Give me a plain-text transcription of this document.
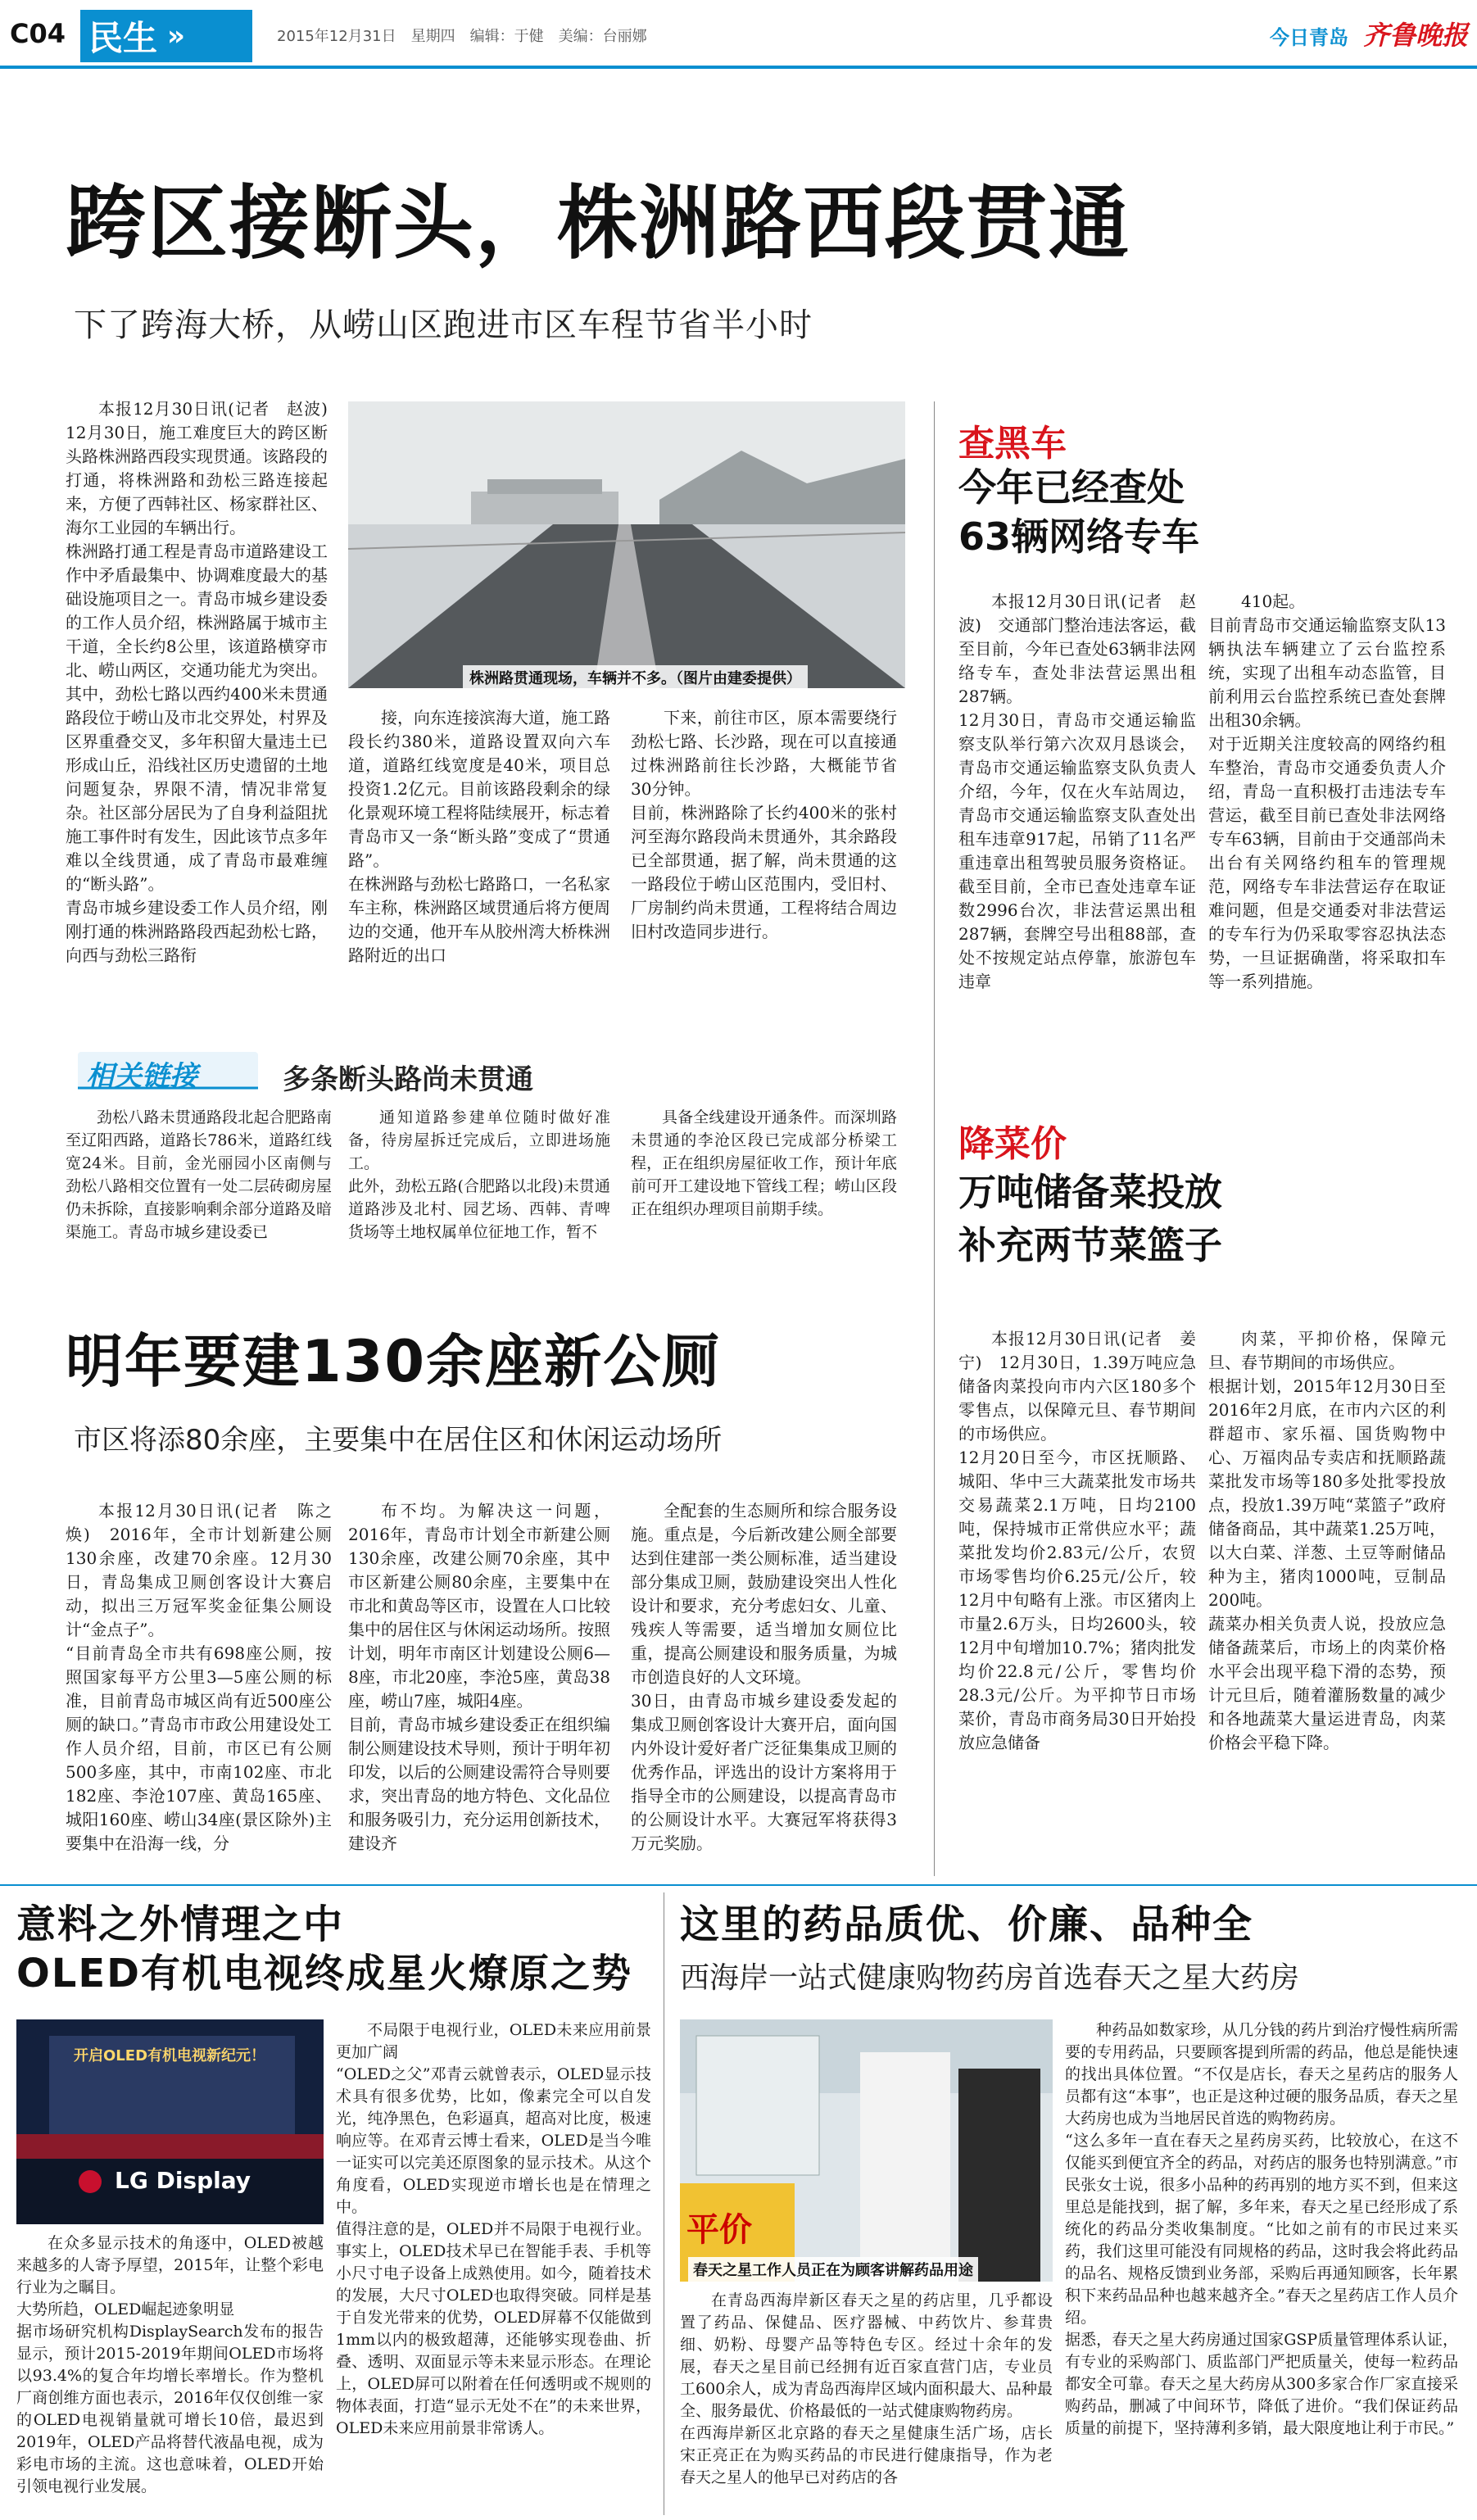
C04 民生 »	2015年12月31日　星期四　编辑：于健　美编：台丽娜	今日青岛 齐鲁晚报
跨区接断头，株洲路西段贯通
下了跨海大桥，从崂山区跑进市区车程节省半小时

本报12月30日讯(记者　赵波)　12月30日，施工难度巨大的跨区断头路株洲路西段实现贯通。该路段的打通，将株洲路和劲松三路连接起来，方便了西韩社区、杨家群社区、海尔工业园的车辆出行。
株洲路打通工程是青岛市道路建设工作中矛盾最集中、协调难度最大的基础设施项目之一。青岛市城乡建设委的工作人员介绍，株洲路属于城市主干道，全长约8公里，该道路横穿市北、崂山两区，交通功能尤为突出。其中，劲松七路以西约400米未贯通路段位于崂山及市北交界处，村界及区界重叠交叉，多年积留大量违土已形成山丘，沿线社区历史遗留的土地问题复杂，界限不清，情况非常复杂。社区部分居民为了自身利益阻扰施工事件时有发生，因此该节点多年难以全线贯通，成了青岛市最难缠的“断头路”。
青岛市城乡建设委工作人员介绍，刚刚打通的株洲路路段西起劲松七路，向西与劲松三路衔

株洲路贯通现场，车辆并不多。（图片由建委提供）

接，向东连接滨海大道，施工路段长约380米，道路设置双向六车道，道路红线宽度是40米，项目总投资1.2亿元。目前该路段剩余的绿化景观环境工程将陆续展开，标志着青岛市又一条“断头路”变成了“贯通路”。
在株洲路与劲松七路路口，一名私家车主称，株洲路区域贯通后将方便周边的交通，他开车从胶州湾大桥株洲路附近的出口

下来，前往市区，原本需要绕行劲松七路、长沙路，现在可以直接通过株洲路前往长沙路，大概能节省30分钟。
目前，株洲路除了长约400米的张村河至海尔路段尚未贯通外，其余路段已全部贯通，据了解，尚未贯通的这一路段位于崂山区范围内，受旧村、厂房制约尚未贯通，工程将结合周边旧村改造同步进行。

相关链接	多条断头路尚未贯通

劲松八路未贯通路段北起合肥路南至辽阳西路，道路长786米，道路红线宽24米。目前，金光丽园小区南侧与劲松八路相交位置有一处二层砖砌房屋仍未拆除，直接影响剩余部分道路及暗渠施工。青岛市城乡建设委已

通知道路参建单位随时做好准备，待房屋拆迁完成后，立即进场施工。
此外，劲松五路(合肥路以北段)未贯通道路涉及北村、园艺场、西韩、青啤货场等土地权属单位征地工作，暂不

具备全线建设开通条件。而深圳路未贯通的李沧区段已完成部分桥梁工程，正在组织房屋征收工作，预计年底前可开工建设地下管线工程；崂山区段正在组织办理项目前期手续。

明年要建130余座新公厕
市区将添80余座，主要集中在居住区和休闲运动场所

本报12月30日讯(记者　陈之焕)　2016年，全市计划新建公厕130余座，改建70余座。12月30日，青岛集成卫厕创客设计大赛启动，拟出三万冠军奖金征集公厕设计“金点子”。
“目前青岛全市共有698座公厕，按照国家每平方公里3—5座公厕的标准，目前青岛市城区尚有近500座公厕的缺口。”青岛市市政公用建设处工作人员介绍，目前，市区已有公厕500多座，其中，市南102座、市北182座、李沧107座、黄岛165座、城阳160座、崂山34座(景区除外)主要集中在沿海一线，分

布不均。为解决这一问题，2016年，青岛市计划全市新建公厕130余座，改建公厕70余座，其中市区新建公厕80余座，主要集中在市北和黄岛等区市，设置在人口比较集中的居住区与休闲运动场所。按照计划，明年市南区计划建设公厕6—8座，市北20座，李沧5座，黄岛38座，崂山7座，城阳4座。
目前，青岛市城乡建设委正在组织编制公厕建设技术导则，预计于明年初印发，以后的公厕建设需符合导则要求，突出青岛的地方特色、文化品位和服务吸引力，充分运用创新技术，建设齐

全配套的生态厕所和综合服务设施。重点是，今后新改建公厕全部要达到住建部一类公厕标准，适当建设部分集成卫厕，鼓励建设突出人性化设计和要求，充分考虑妇女、儿童、残疾人等需要，适当增加女厕位比重，提高公厕建设和服务质量，为城市创造良好的人文环境。
30日，由青岛市城乡建设委发起的集成卫厕创客设计大赛开启，面向国内外设计爱好者广泛征集集成卫厕的优秀作品，评选出的设计方案将用于指导全市的公厕建设，以提高青岛市的公厕设计水平。大赛冠军将获得3万元奖励。

查黑车
今年已经查处
63辆网络专车

本报12月30日讯(记者　赵波)　交通部门整治违法客运，截至目前，今年已查处63辆非法网络专车，查处非法营运黑出租287辆。
12月30日，青岛市交通运输监察支队举行第六次双月恳谈会，青岛市交通运输监察支队负责人介绍，今年，仅在火车站周边，青岛市交通运输监察支队查处出租车违章917起，吊销了11名严重违章出租驾驶员服务资格证。截至目前，全市已查处违章车证数2996台次，非法营运黑出租287辆，套牌空号出租88部，查处不按规定站点停靠，旅游包车违章

410起。
目前青岛市交通运输监察支队13辆执法车辆建立了云台监控系统，实现了出租车动态监管，目前利用云台监控系统已查处套牌出租30余辆。
对于近期关注度较高的网络约租车整治，青岛市交通委负责人介绍，青岛一直积极打击违法专车营运，截至目前已查处非法网络专车63辆，目前由于交通部尚未出台有关网络约租车的管理规范，网络专车非法营运存在取证难问题，但是交通委对非法营运的专车行为仍采取零容忍执法态势，一旦证据确凿，将采取扣车等一系列措施。

降菜价
万吨储备菜投放
补充两节菜篮子

本报12月30日讯(记者　姜宁)　12月30日，1.39万吨应急储备肉菜投向市内六区180多个零售点，以保障元旦、春节期间的市场供应。
12月20日至今，市区抚顺路、城阳、华中三大蔬菜批发市场共交易蔬菜2.1万吨，日均2100吨，保持城市正常供应水平；蔬菜批发均价2.83元/公斤，农贸市场零售均价6.25元/公斤，较12月中旬略有上涨。市区猪肉上市量2.6万头，日均2600头，较12月中旬增加10.7%；猪肉批发均价22.8元/公斤，零售均价28.3元/公斤。为平抑节日市场菜价，青岛市商务局30日开始投放应急储备

肉菜，平抑价格，保障元旦、春节期间的市场供应。
根据计划，2015年12月30日至2016年2月底，在市内六区的利群超市、家乐福、国货购物中心、万福肉品专卖店和抚顺路蔬菜批发市场等180多处批零投放点，投放1.39万吨“菜篮子”政府储备商品，其中蔬菜1.25万吨，以大白菜、洋葱、土豆等耐储品种为主，猪肉1000吨，豆制品200吨。
蔬菜办相关负责人说，投放应急储备蔬菜后，市场上的肉菜价格水平会出现平稳下滑的态势，预计元旦后，随着灌肠数量的减少和各地蔬菜大量运进青岛，肉菜价格会平稳下降。

意料之外情理之中
OLED有机电视终成星火燎原之势
开启OLED有机电视新纪元！
LG Display

在众多显示技术的角逐中，OLED被越来越多的人寄予厚望，2015年，让整个彩电行业为之瞩目。
大势所趋，OLED崛起迹象明显
据市场研究机构DisplaySearch发布的报告显示，预计2015-2019年期间OLED市场将以93.4%的复合年均增长率增长。作为整机厂商创维方面也表示，2016年仅仅创维一家的OLED电视销量就可增长10倍，最迟到2019年，OLED产品将替代液晶电视，成为彩电市场的主流。这也意味着，OLED开始引领电视行业发展。

不局限于电视行业，OLED未来应用前景更加广阔
“OLED之父”邓青云就曾表示，OLED显示技术具有很多优势，比如，像素完全可以自发光，纯净黑色，色彩逼真，超高对比度，极速响应等。在邓青云博士看来，OLED是当今唯一证实可以完美还原图象的显示技术。从这个角度看，OLED实现逆市增长也是在情理之中。
值得注意的是，OLED并不局限于电视行业。事实上，OLED技术早已在智能手表、手机等小尺寸电子设备上成熟使用。如今，随着技术的发展，大尺寸OLED也取得突破。同样是基于自发光带来的优势，OLED屏幕不仅能做到1mm以内的极致超薄，还能够实现卷曲、折叠、透明、双面显示等未来显示形态。在理论上，OLED屏可以附着在任何透明或不规则的物体表面，打造“显示无处不在”的未来世界，OLED未来应用前景非常诱人。

这里的药品质优、价廉、品种全
西海岸一站式健康购物药房首选春天之星大药房
平价
春天之星工作人员正在为顾客讲解药品用途

在青岛西海岸新区春天之星的药店里，几乎都设置了药品、保健品、医疗器械、中药饮片、参茸贵细、奶粉、母婴产品等特色专区。经过十余年的发展，春天之星目前已经拥有近百家直营门店，专业员工600余人，成为青岛西海岸区域内面积最大、品种最全、服务最优、价格最低的一站式健康购物药房。
在西海岸新区北京路的春天之星健康生活广场，店长宋正亮正在为购买药品的市民进行健康指导，作为老春天之星人的他早已对药店的各

种药品如数家珍，从几分钱的药片到治疗慢性病所需要的专用药品，只要顾客提到所需的药品，他总是能快速的找出具体位置。“不仅是店长，春天之星药店的服务人员都有这“本事”，也正是这种过硬的服务品质，春天之星大药房也成为当地居民首选的购物药房。
“这么多年一直在春天之星药房买药，比较放心，在这不仅能买到便宜齐全的药品，对药店的服务也特别满意。”市民张女士说，很多小品种的药再别的地方买不到，但来这里总是能找到，据了解，多年来，春天之星已经形成了系统化的药品分类收集制度。“比如之前有的市民过来买药，我们这里可能没有同规格的药品，这时我会将此药品的品名、规格反馈到业务部，采购后再通知顾客，长年累积下来药品品种也越来越齐全。”春天之星药店工作人员介绍。
据悉，春天之星大药房通过国家GSP质量管理体系认证，有专业的采购部门、质监部门严把质量关，使每一粒药品都安全可靠。春天之星大药房从300多家合作厂家直接采购药品，删减了中间环节，降低了进价。“我们保证药品质量的前提下，坚持薄利多销，最大限度地让利于市民。”
